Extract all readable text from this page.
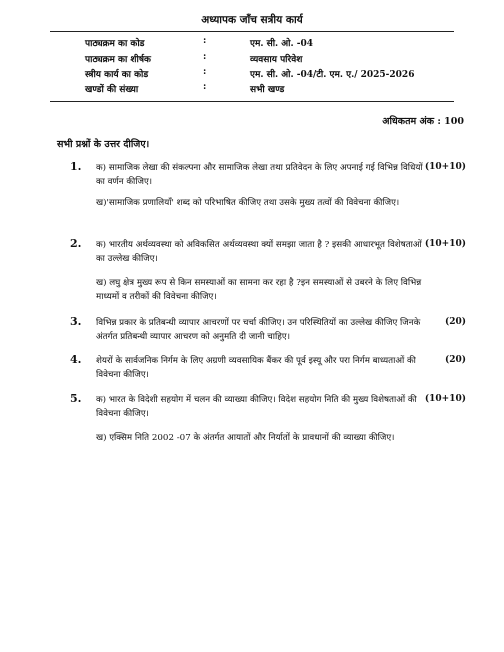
अध्यापक जाँच सत्रीय कार्य
पाठ्यक्रम का कोड	:	एम. सी. ओ. -04
पाठ्यक्रम का शीर्षक	:	व्यवसाय परिवेश
स्त्रीय कार्य का कोड	:	एम. सी. ओ. -04/टी. एम. ए./ 2025-2026
खण्डों की संख्या	:	सभी खण्ड
अधिकतम अंक : 100
सभी प्रश्नों के उत्तर दीजिए।
1.	(10+10)
क) सामाजिक लेखा की संकल्पना और सामाजिक लेखा तथा प्रतिवेदन के लिए अपनाई गई विभिन्न विधियों का वर्णन कीजिए।
ख)'सामाजिक प्रणालियाँ' शब्द को परिभाषित कीजिए तथा उसके मुख्य तत्वों की विवेचना कीजिए।
2.	(10+10)
क) भारतीय अर्थव्यवस्था को अविकसित अर्थव्यवस्था क्यों समझा जाता है ? इसकी आधारभूत विशेषताओं का उल्लेख कीजिए।
ख) लघु क्षेत्र मुख्य रूप से किन समस्याओं का सामना कर रहा है ?इन समस्याओं से उबरने के लिए विभिन्न माध्यमों व तरीकों की विवेचना कीजिए।
3.	(20)
विभिन्न प्रकार के प्रतिबन्धी व्यापार आचरणों पर चर्चा कीजिए। उन परिस्थितियों का उल्लेख कीजिए जिनके अंतर्गत प्रतिबन्धी व्यापार आचरण को अनुमति दी जानी चाहिए।
4.	(20)
शेयरों के सार्वजनिक निर्गम के लिए अग्रणी व्यवसायिक बैंकर की पूर्व इस्यू और परा निर्गम बाध्यताओं की विवेचना कीजिए।
5.	(10+10)
क) भारत के विदेशी सहयोग में चलन की व्याख्या कीजिए। विदेश सहयोग निति की मुख्य विशेषताओं की विवेचना कीजिए।
ख) एक्सिम निति 2002 -07 के अंतर्गत आयातों और निर्यातों के प्रावधानों की व्याख्या कीजिए।
